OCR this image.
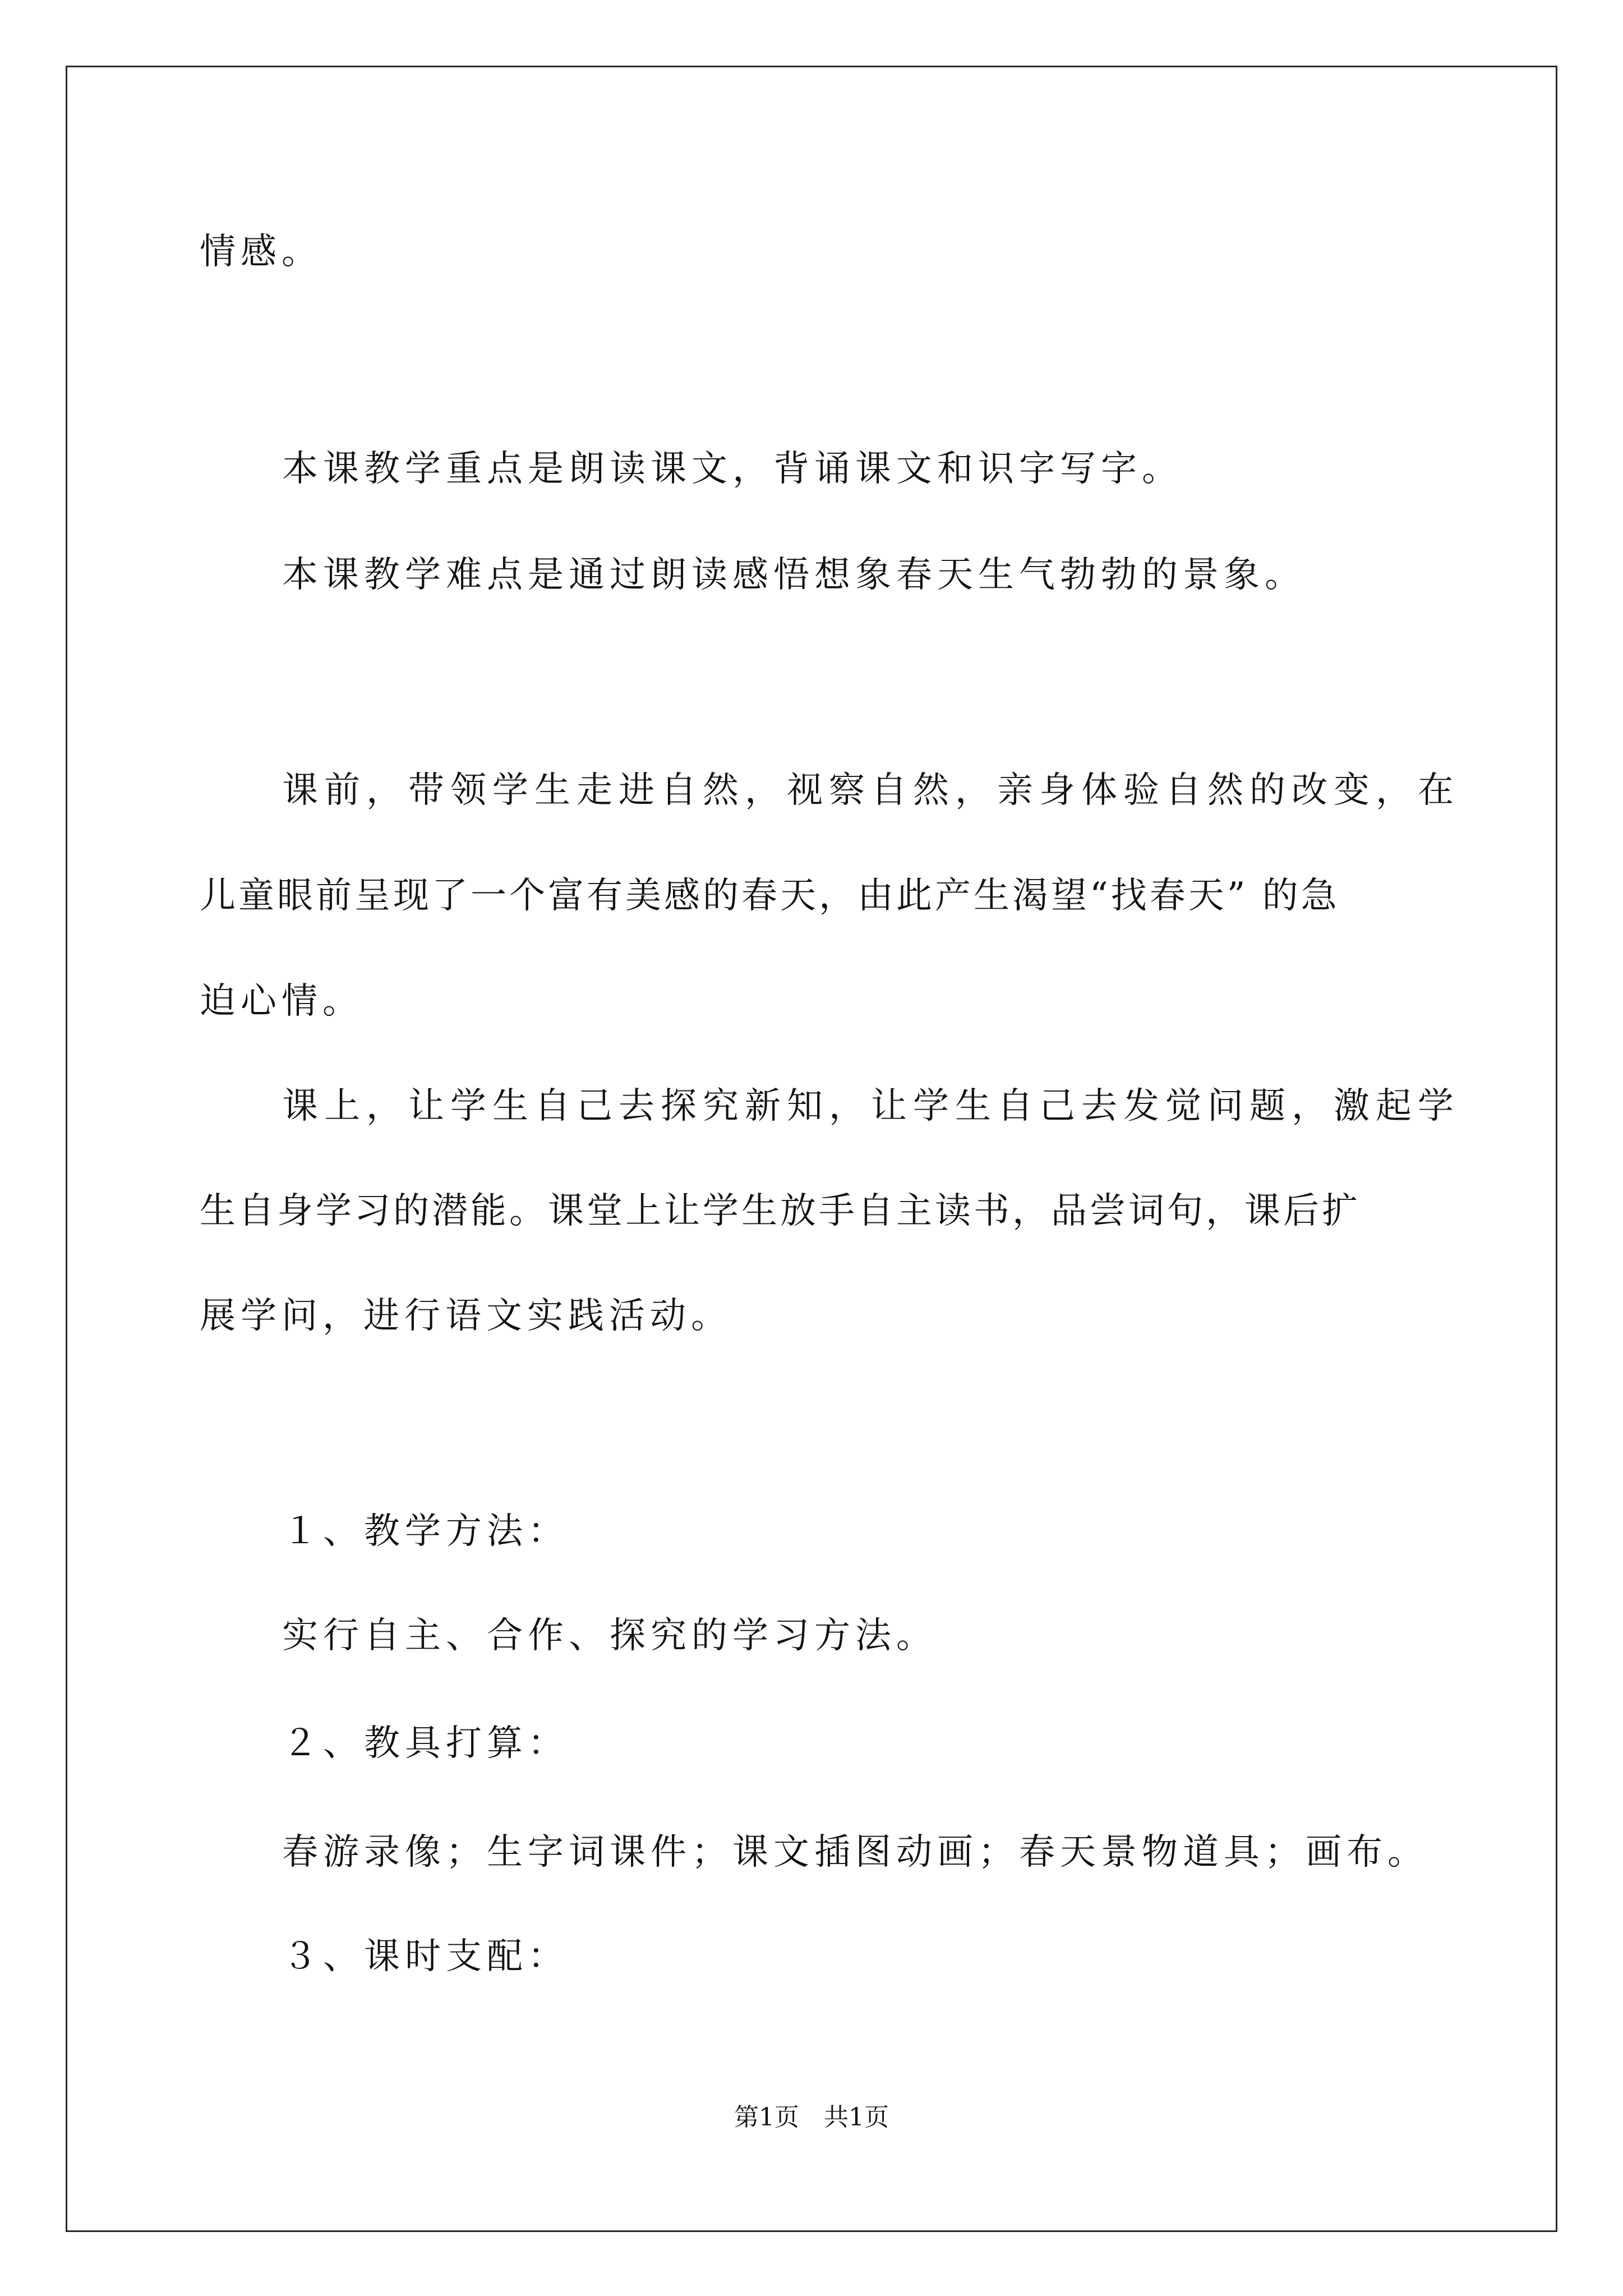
情感。
本课教学重点是朗读课文，背诵课文和识字写字。
本课教学难点是通过朗读感悟想象春天生气勃勃的景象。
课前，带领学生走进自然，视察自然，亲身体验自然的改变，在
儿童眼前呈现了一个富有美感的春天，由此产生渴望“找春天” 的急
迫心情。
课上，让学生自己去探究新知，让学生自己去发觉问题，激起学
生自身学习的潜能。课堂上让学生放手自主读书，品尝词句，课后扩
展学问，进行语文实践活动。
１、教学方法：
实行自主、合作、探究的学习方法。
２、教具打算：
春游录像；生字词课件；课文插图动画；春天景物道具；画布。
３、课时支配：
第1页　共1页
